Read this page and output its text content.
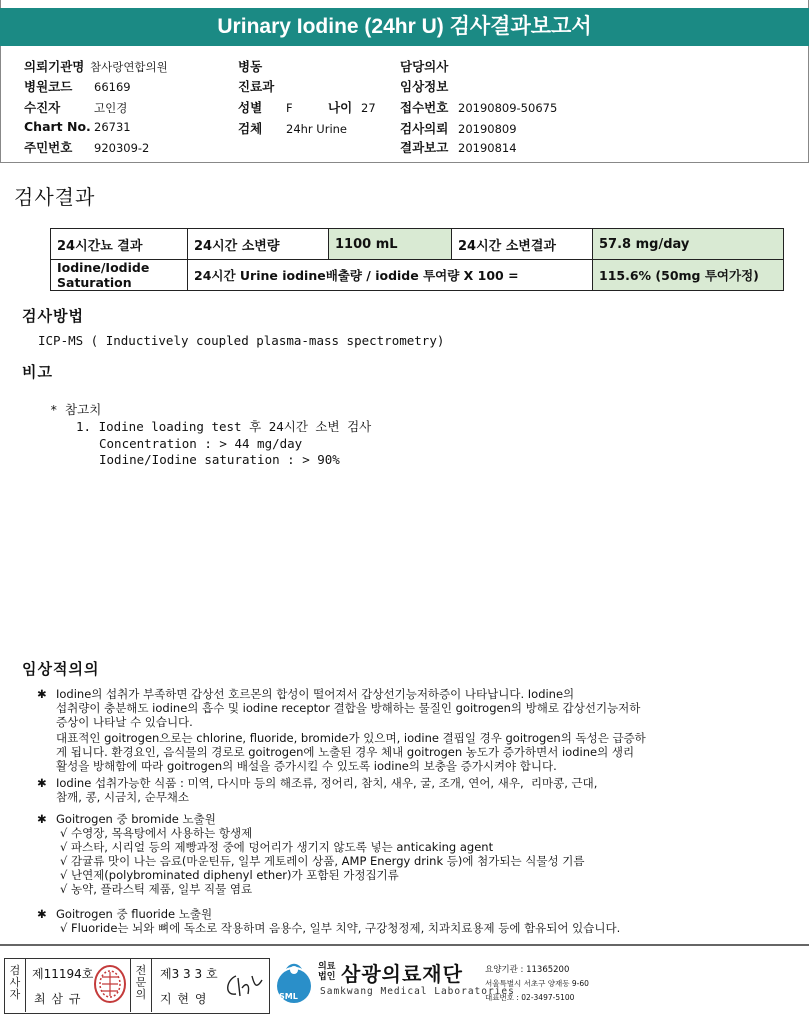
Urinary Iodine (24hr U) 검사결과보고서
의뢰기관명 참사랑연합의원
병원코드 66169
수진자	고인경
Chart No. 26731
주민번호 920309-2
병동
진료과
성별 F	나이 27
검체 24hr Urine
담당의사
임상정보
접수번호 20190809-50675
검사의뢰 20190809
결과보고 20190814
검사결과
24시간뇨 결과	24시간 소변량	1100 mL	24시간 소변결과	57.8 mg/day
Iodine/Iodide Saturation	24시간 Urine iodine배출량 / iodide 투여량 X 100 =			115.6% (50mg 투여가정)
검사방법
ICP-MS ( Inductively coupled plasma-mass spectrometry)
비고
* 참고치
1. Iodine loading test 후 24시간 소변 검사
Concentration : > 44 mg/day
Iodine/Iodine saturation : > 90%
임상적의의
✱ Iodine의 섭취가 부족하면 갑상선 호르몬의 합성이 떨어져서 갑상선기능저하증이 나타납니다. Iodine의
섭취량이 충분해도 iodine의 흡수 및 iodine receptor 결합을 방해하는 물질인 goitrogen의 방해로 갑상선기능저하
증상이 나타날 수 있습니다.
대표적인 goitrogen으로는 chlorine, fluoride, bromide가 있으며, iodine 결핍일 경우 goitrogen의 독성은 급증하
게 됩니다. 환경요인, 음식물의 경로로 goitrogen에 노출된 경우 체내 goitrogen 농도가 증가하면서 iodine의 생리
활성을 방해함에 따라 goitrogen의 배설을 증가시킬 수 있도록 iodine의 보충을 증가시켜야 합니다.
✱ Iodine 섭취가능한 식품 : 미역, 다시마 등의 해조류, 정어리, 참치, 새우, 굴, 조개, 연어, 새우,  리마콩, 근대,
참깨, 콩, 시금치, 순무채소
✱ Goitrogen 중 bromide 노출원
√ 수영장, 목욕탕에서 사용하는 항생제
√ 파스타, 시리얼 등의 제빵과정 중에 덩어리가 생기지 않도록 넣는 anticaking agent
√ 감귤류 맛이 나는 음료(마운틴듀, 일부 게토레이 상품, AMP Energy drink 등)에 첨가되는 식물성 기름
√ 난연제(polybrominated diphenyl ether)가 포함된 가정집기류
√ 농약, 플라스틱 제품, 일부 직물 염료
✱ Goitrogen 중 fluoride 노출원
√ Fluoride는 뇌와 뼈에 독소로 작용하며 음용수, 일부 치약, 구강청정제, 치과치료용제 등에 함유되어 있습니다.
검사자
제11194호
최 삼 규
전문의
제3 3 3 호
지 현 영	SML
의료법인 삼광의료재단
Samkwang Medical Laboratories
요양기관 : 11365200
서울특별시 서초구 양재동 9-60
대표번호 : 02-3497-5100
